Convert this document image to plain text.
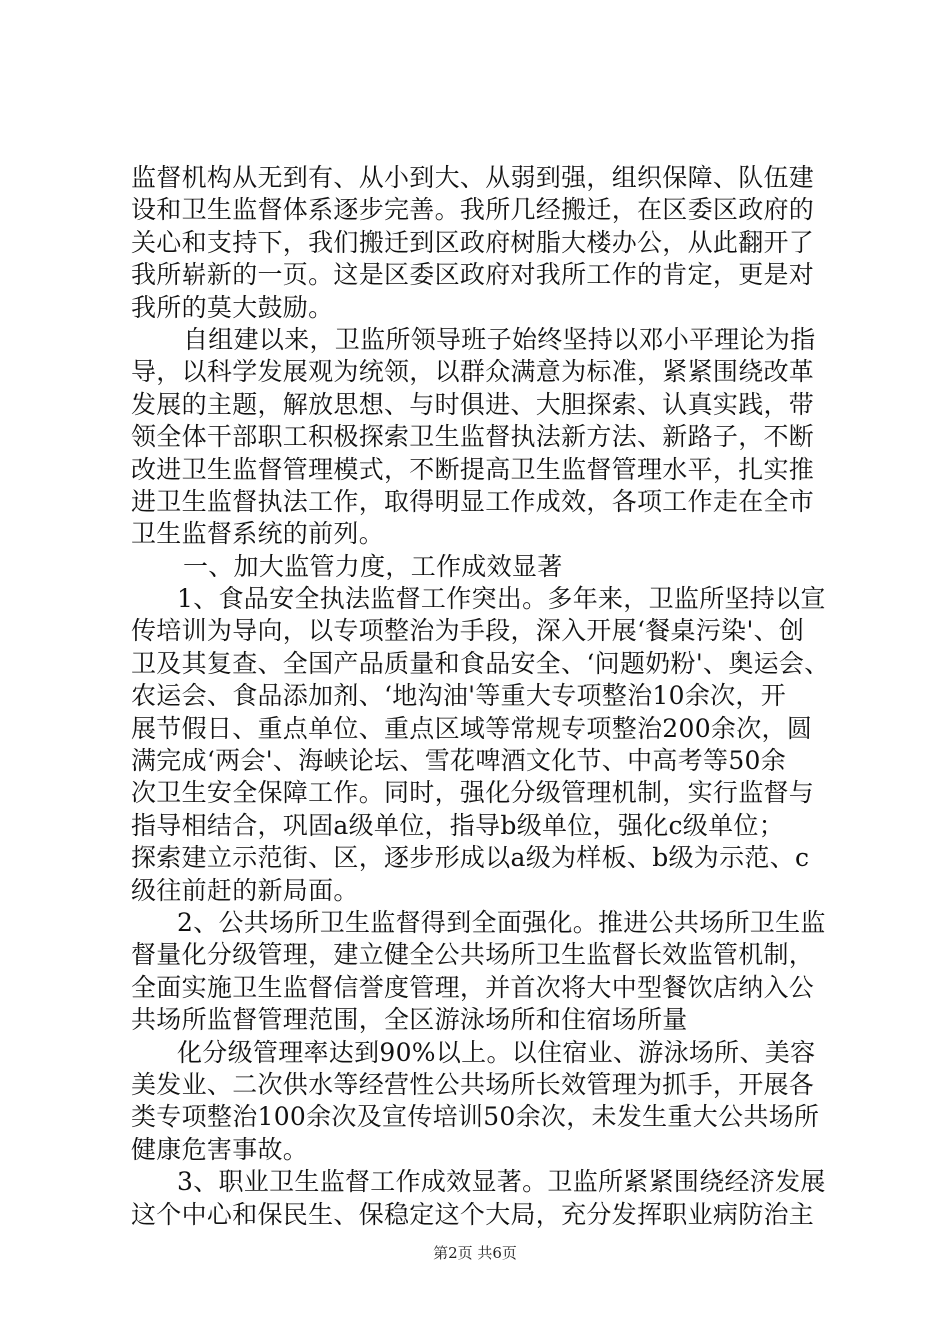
监督机构从无到有、从小到大、从弱到强，组织保障、队伍建
设和卫生监督体系逐步完善。我所几经搬迁，在区委区政府的
关心和支持下，我们搬迁到区政府树脂大楼办公，从此翻开了
我所崭新的一页。这是区委区政府对我所工作的肯定，更是对
我所的莫大鼓励。
自组建以来，卫监所领导班子始终坚持以邓小平理论为指
导，以科学发展观为统领，以群众满意为标准，紧紧围绕改革
发展的主题，解放思想、与时俱进、大胆探索、认真实践，带
领全体干部职工积极探索卫生监督执法新方法、新路子，不断
改进卫生监督管理模式，不断提高卫生监督管理水平，扎实推
进卫生监督执法工作，取得明显工作成效，各项工作走在全市
卫生监督系统的前列。
一、加大监管力度，工作成效显著
1、食品安全执法监督工作突出。多年来，卫监所坚持以宣
传培训为导向，以专项整治为手段，深入开展‘餐桌污染'、创
卫及其复查、全国产品质量和食品安全、‘问题奶粉'、奥运会、
农运会、食品添加剂、‘地沟油'等重大专项整治10余次，开
展节假日、重点单位、重点区域等常规专项整治200余次，圆
满完成‘两会'、海峡论坛、雪花啤酒文化节、中高考等50余
次卫生安全保障工作。同时，强化分级管理机制，实行监督与
指导相结合，巩固a级单位，指导b级单位，强化c级单位；
探索建立示范街、区，逐步形成以a级为样板、b级为示范、c
级往前赶的新局面。
2、公共场所卫生监督得到全面强化。推进公共场所卫生监
督量化分级管理，建立健全公共场所卫生监督长效监管机制，
全面实施卫生监督信誉度管理，并首次将大中型餐饮店纳入公
共场所监督管理范围，全区游泳场所和住宿场所量
化分级管理率达到90%以上。以住宿业、游泳场所、美容
美发业、二次供水等经营性公共场所长效管理为抓手，开展各
类专项整治100余次及宣传培训50余次，未发生重大公共场所
健康危害事故。
3、职业卫生监督工作成效显著。卫监所紧紧围绕经济发展
这个中心和保民生、保稳定这个大局，充分发挥职业病防治主
第2页 共6页
